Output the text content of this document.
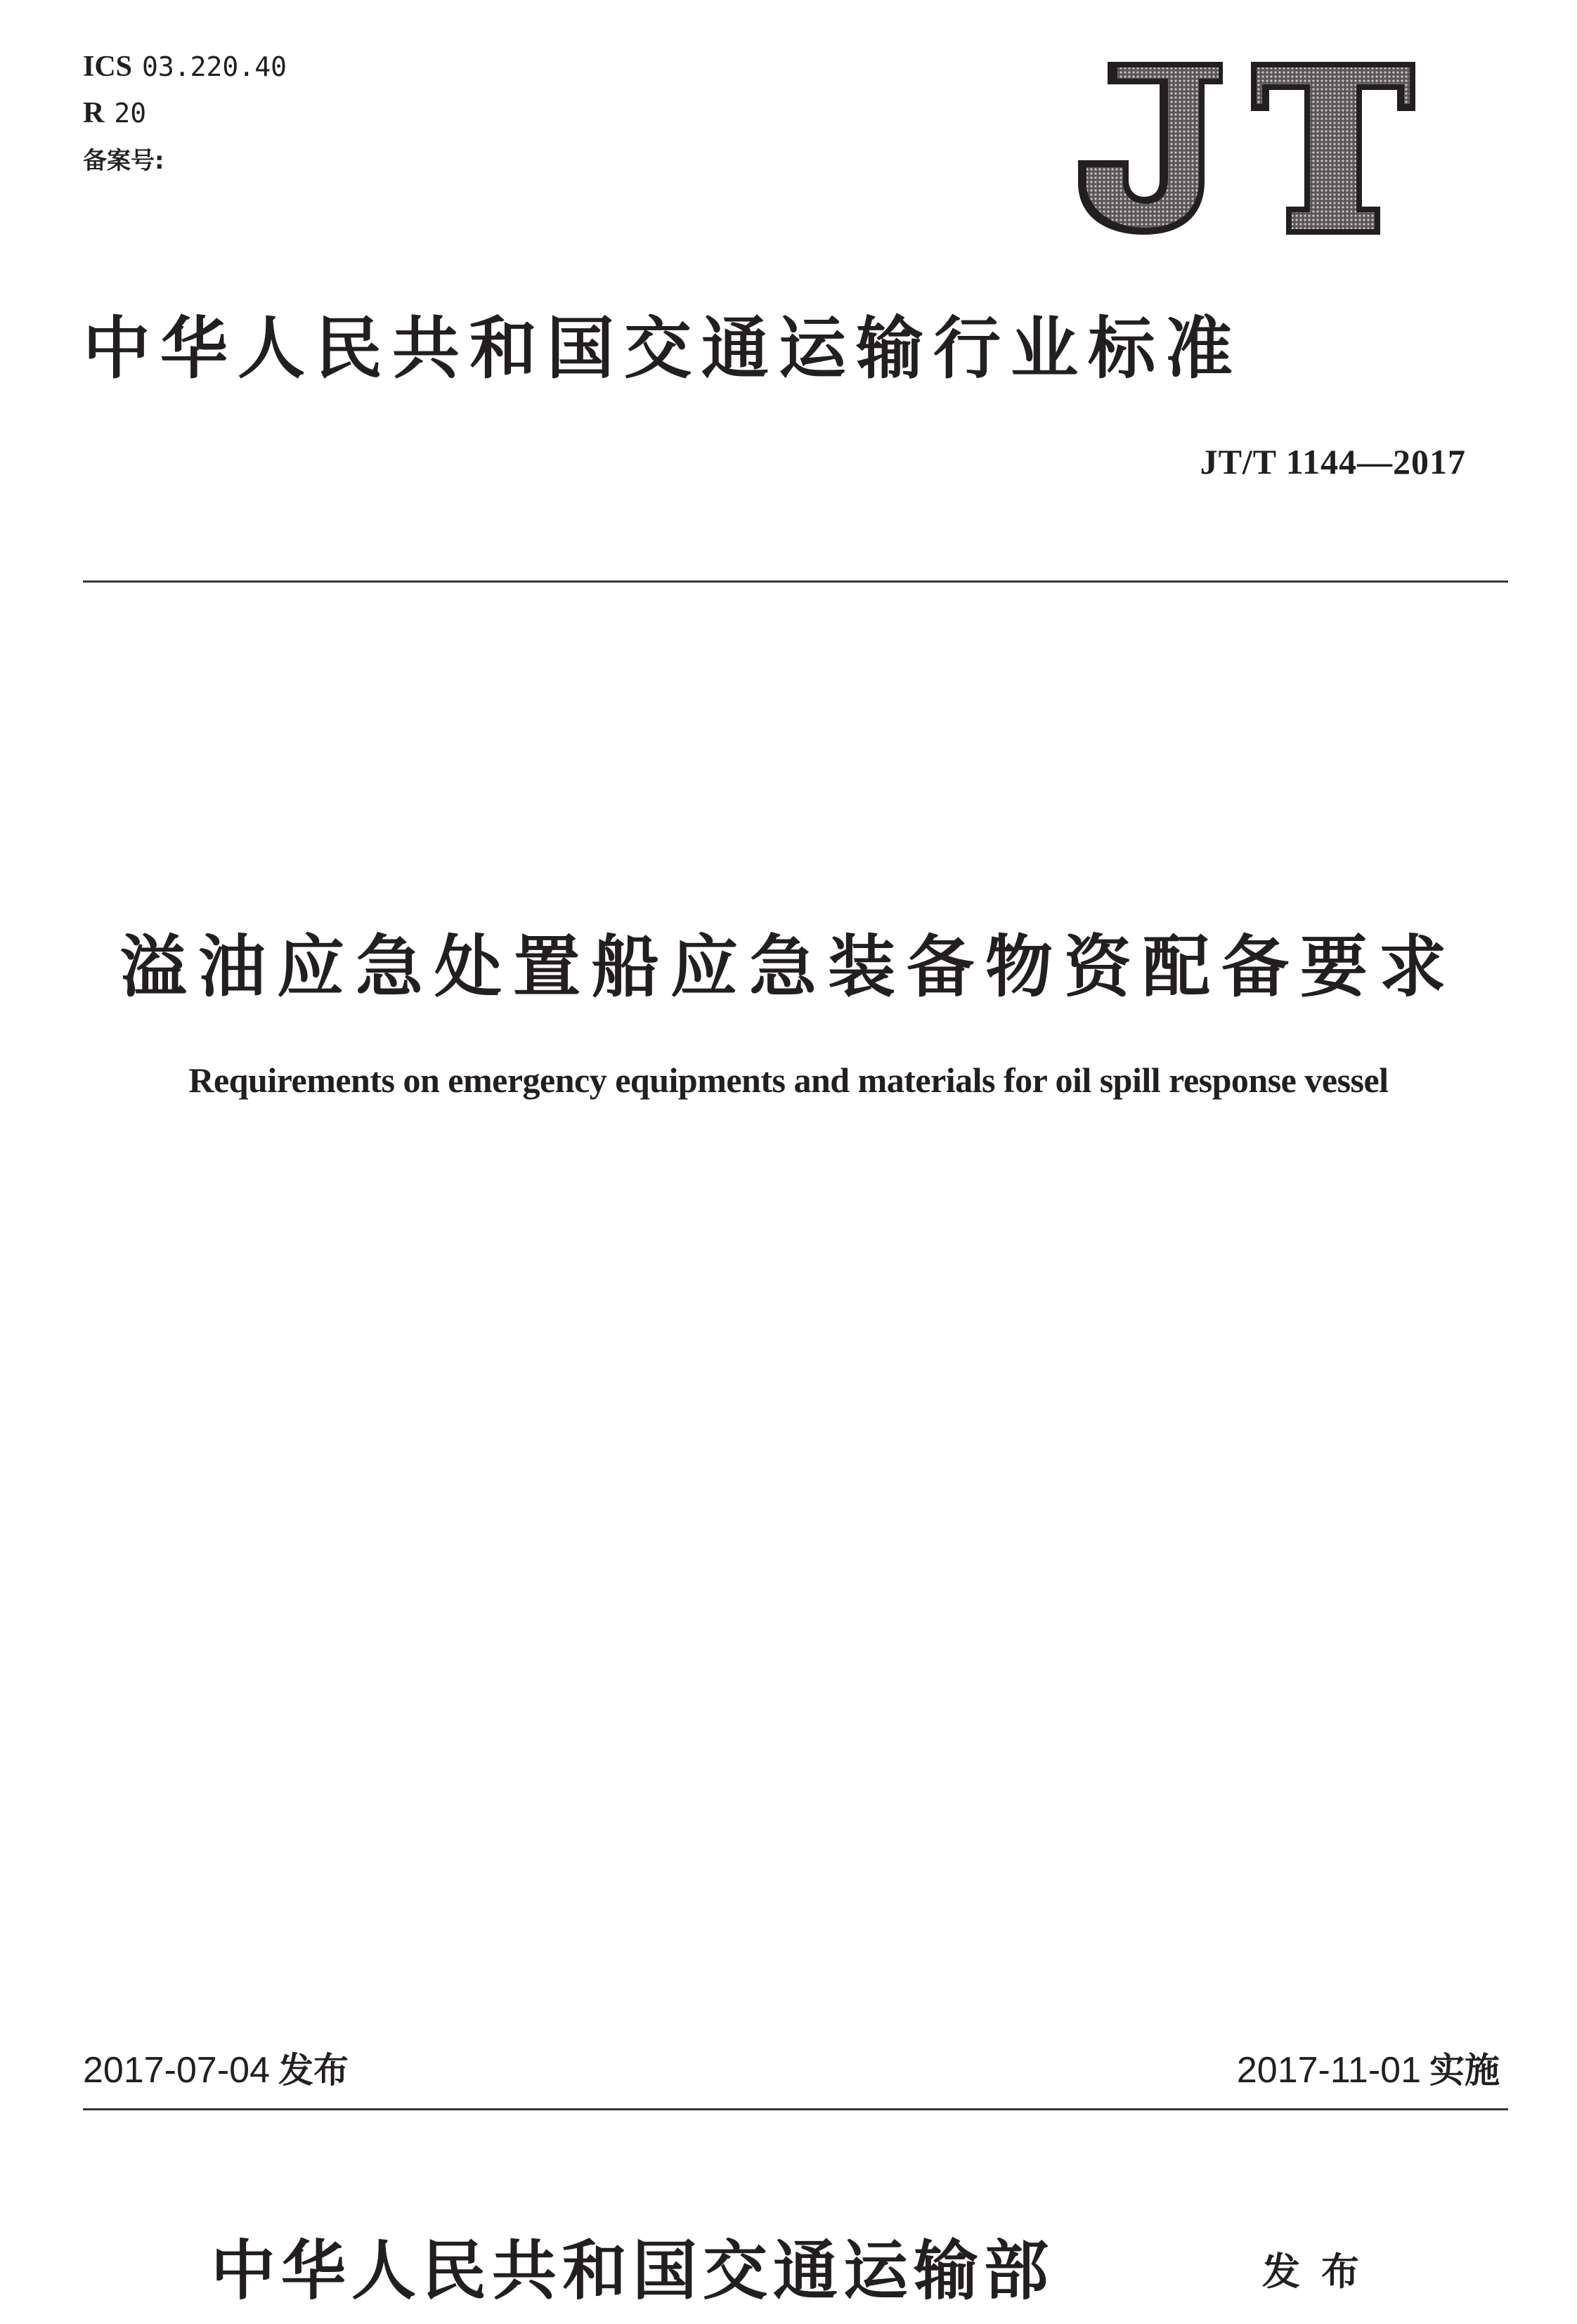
ICS 03.220.40
R 20
备案号:
中华人民共和国交通运输行业标准
JT/T 1144—2017
溢油应急处置船应急装备物资配备要求
Requirements on emergency equipments and materials for oil spill response vessel
2017-07-04 发布	2017-11-01 实施
中华人民共和国交通运输部	发布
